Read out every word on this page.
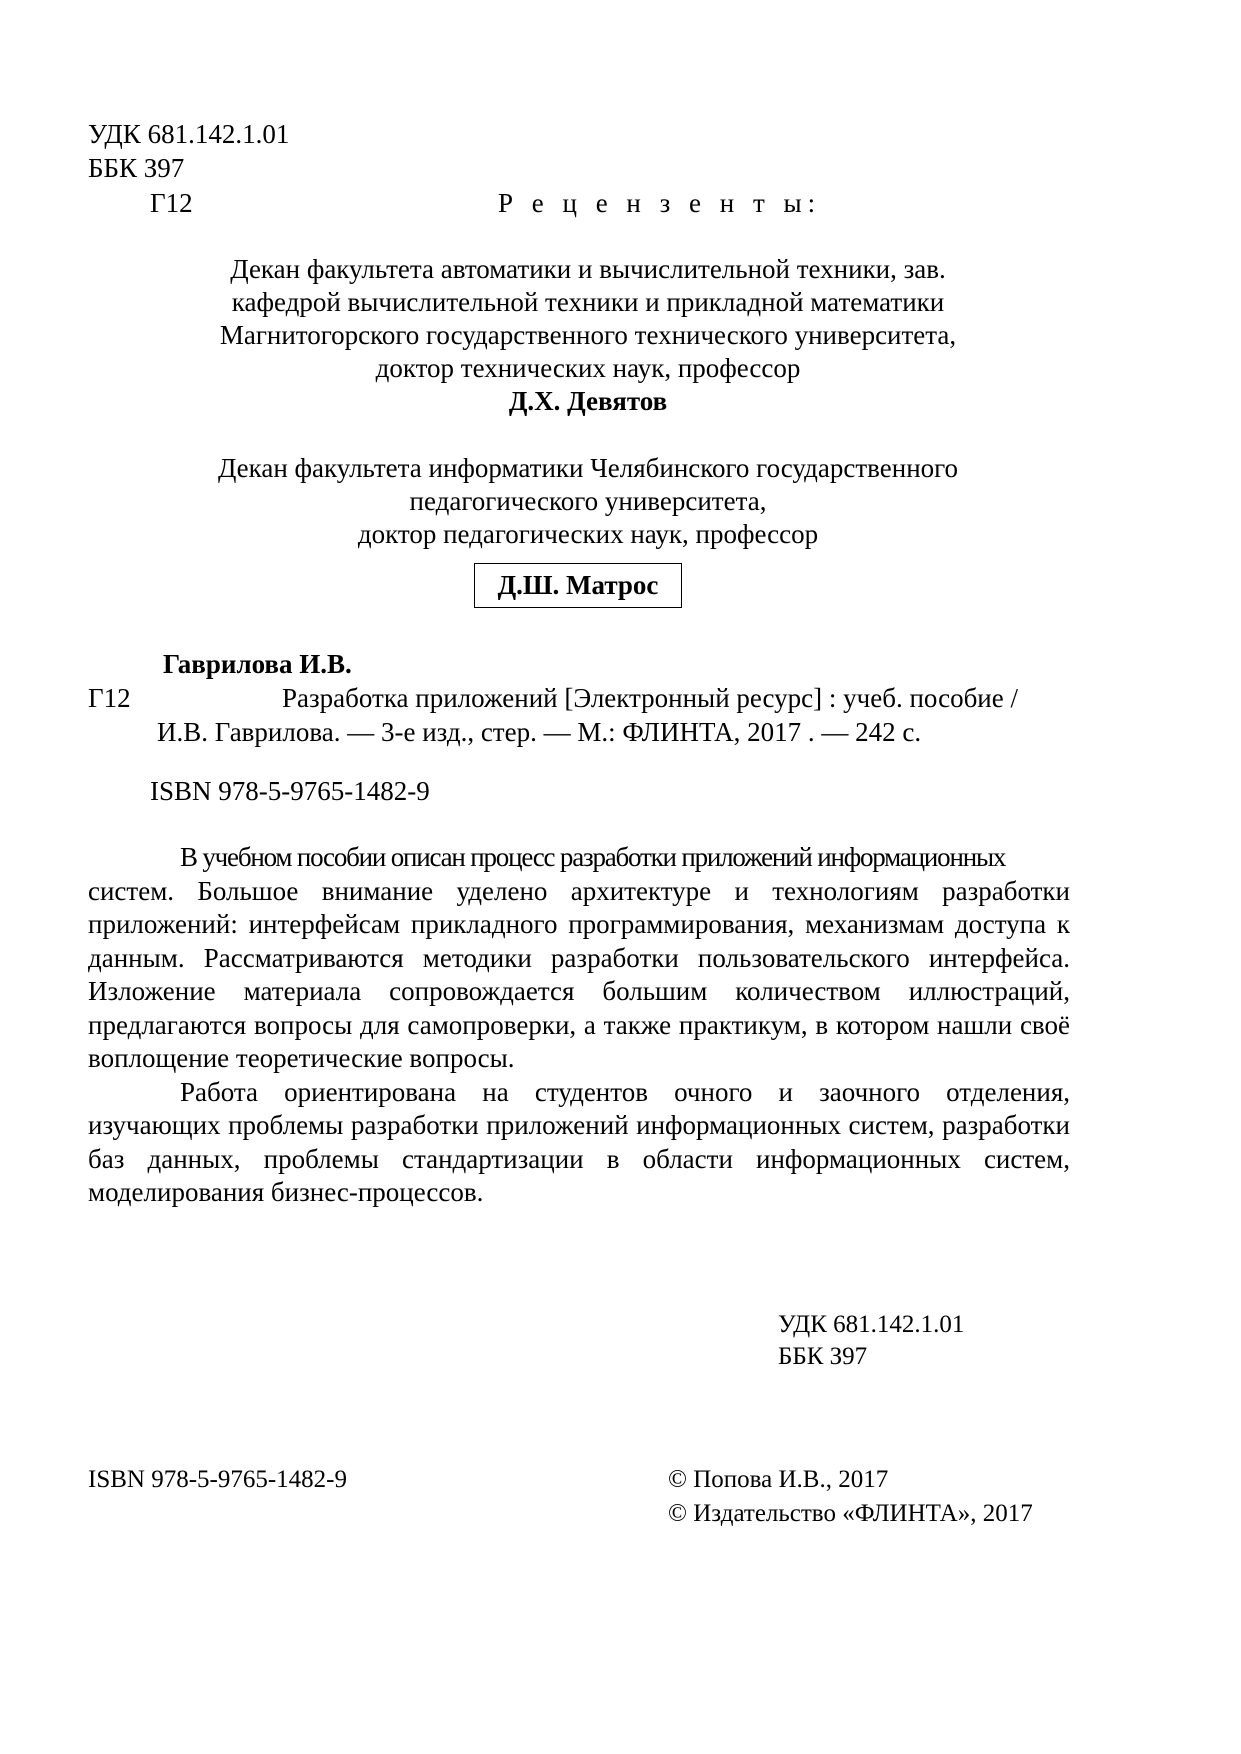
УДК 681.142.1.01
ББК З97
Г12	Р е ц е н з е н т ы:
Декан факультета автоматики и вычислительной техники, зав.
кафедрой вычислительной техники и прикладной математики
Магнитогорского государственного технического университета,
доктор технических наук, профессор
Д.Х. Девятов
Декан факультета информатики Челябинского государственного
педагогического университета,
доктор педагогических наук, профессор
Д.Ш. Матрос
Гаврилова И.В.
Г12	Разработка приложений [Электронный ресурс] : учеб. пособие /
И.В. Гаврилова. — 3-е изд., стер. — М.: ФЛИНТА, 2017 . — 242 с.
ISBN 978-5-9765-1482-9

В учебном пособии описан процесс разработки приложений информационных

систем. Большое внимание уделено архитектуре и технологиям разработки приложений: интерфейсам прикладного программирования, механизмам доступа к данным. Рассматриваются методики разработки пользовательского интерфейса. Изложение материала сопровождается большим количеством иллюстраций, предлагаются вопросы для самопроверки, а также практикум, в котором нашли своё воплощение теоретические вопросы.

Работа ориентирована на студентов очного и заочного отделения, изучающих проблемы разработки приложений информационных систем, разработки баз данных, проблемы стандартизации в области информационных систем, моделирования бизнес-процессов.

УДК 681.142.1.01
ББК З97
ISBN 978-5-9765-1482-9	© Попова И.В., 2017
© Издательство «ФЛИНТА», 2017
